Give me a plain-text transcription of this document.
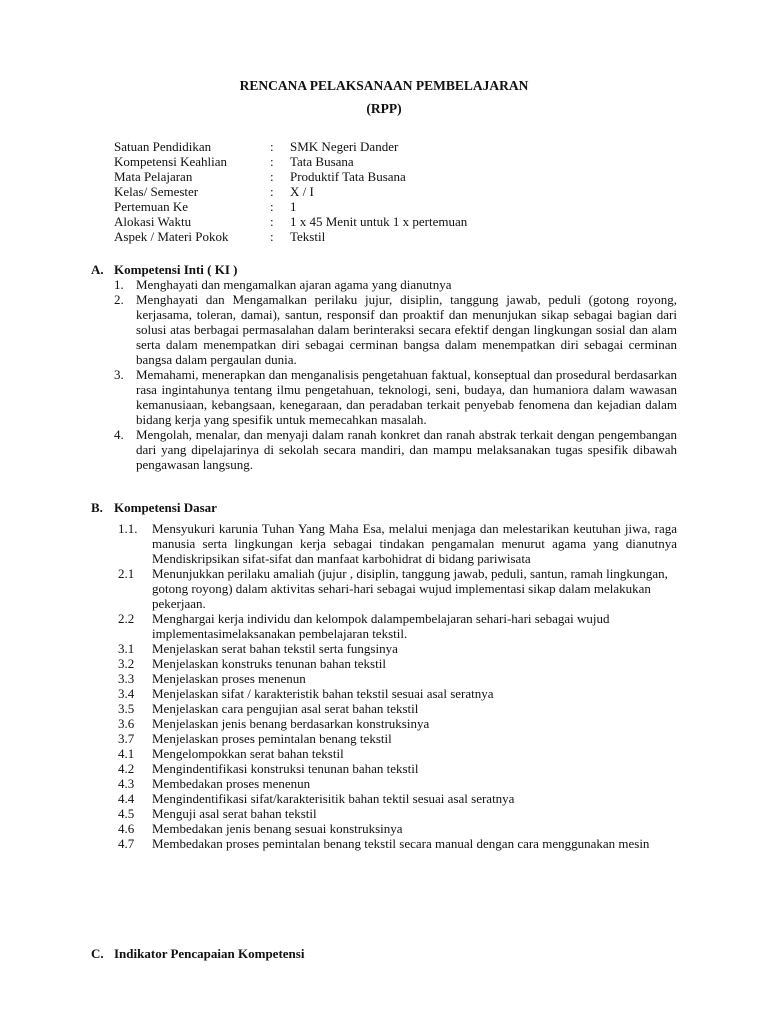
RENCANA PELAKSANAAN PEMBELAJARAN
(RPP)
Satuan Pendidikan	:	SMK Negeri Dander
Kompetensi Keahlian	:	Tata Busana
Mata Pelajaran	:	Produktif Tata Busana
Kelas/ Semester	:	X / I
Pertemuan Ke	:	1
Alokasi Waktu	:	1 x 45 Menit untuk 1 x pertemuan
Aspek / Materi Pokok	:	Tekstil
A. Kompetensi Inti ( KI )
1. Menghayati dan mengamalkan ajaran agama yang dianutnya
2. Menghayati dan Mengamalkan perilaku jujur, disiplin, tanggung jawab, peduli (gotong royong, kerjasama, toleran, damai), santun, responsif dan proaktif dan menunjukan sikap sebagai bagian dari solusi atas berbagai permasalahan dalam berinteraksi secara efektif dengan lingkungan sosial dan alam serta dalam menempatkan diri sebagai cerminan bangsa dalam menempatkan diri sebagai cerminan bangsa dalam pergaulan dunia.
3. Memahami, menerapkan dan menganalisis pengetahuan faktual, konseptual dan prosedural berdasarkan rasa ingintahunya tentang ilmu pengetahuan, teknologi, seni, budaya, dan humaniora dalam wawasan kemanusiaan, kebangsaan, kenegaraan, dan peradaban terkait penyebab fenomena dan kejadian dalam bidang kerja yang spesifik untuk memecahkan masalah.
4. Mengolah, menalar, dan menyaji dalam ranah konkret dan ranah abstrak terkait dengan pengembangan dari yang dipelajarinya di sekolah secara mandiri, dan mampu melaksanakan tugas spesifik dibawah pengawasan langsung.
B. Kompetensi Dasar
1.1.	Mensyukuri karunia Tuhan Yang Maha Esa, melalui menjaga dan melestarikan keutuhan jiwa, raga manusia serta lingkungan kerja sebagai tindakan pengamalan menurut agama yang dianutnya Mendiskripsikan sifat-sifat dan manfaat karbohidrat di bidang pariwisata
2.1	Menunjukkan perilaku amaliah (jujur , disiplin, tanggung jawab, peduli, santun, ramah lingkungan, gotong royong) dalam aktivitas sehari-hari sebagai wujud implementasi sikap dalam melakukan pekerjaan.
2.2	Menghargai kerja individu dan kelompok dalampembelajaran sehari-hari sebagai wujud implementasimelaksanakan pembelajaran tekstil.
3.1	Menjelaskan serat bahan tekstil serta fungsinya
3.2	Menjelaskan konstruks tenunan bahan tekstil
3.3	Menjelaskan proses menenun
3.4	Menjelaskan sifat / karakteristik bahan tekstil sesuai asal seratnya
3.5	Menjelaskan cara pengujian asal serat bahan tekstil
3.6	Menjelaskan jenis benang berdasarkan konstruksinya
3.7	Menjelaskan proses pemintalan benang tekstil
4.1	Mengelompokkan serat bahan tekstil
4.2	Mengindentifikasi konstruksi tenunan bahan tekstil
4.3	Membedakan proses menenun
4.4	Mengindentifikasi sifat/karakterisitik bahan tektil sesuai asal seratnya
4.5	Menguji asal serat bahan tekstil
4.6	Membedakan jenis benang sesuai konstruksinya
4.7	Membedakan proses pemintalan benang tekstil secara manual dengan cara menggunakan mesin
C. Indikator Pencapaian Kompetensi
